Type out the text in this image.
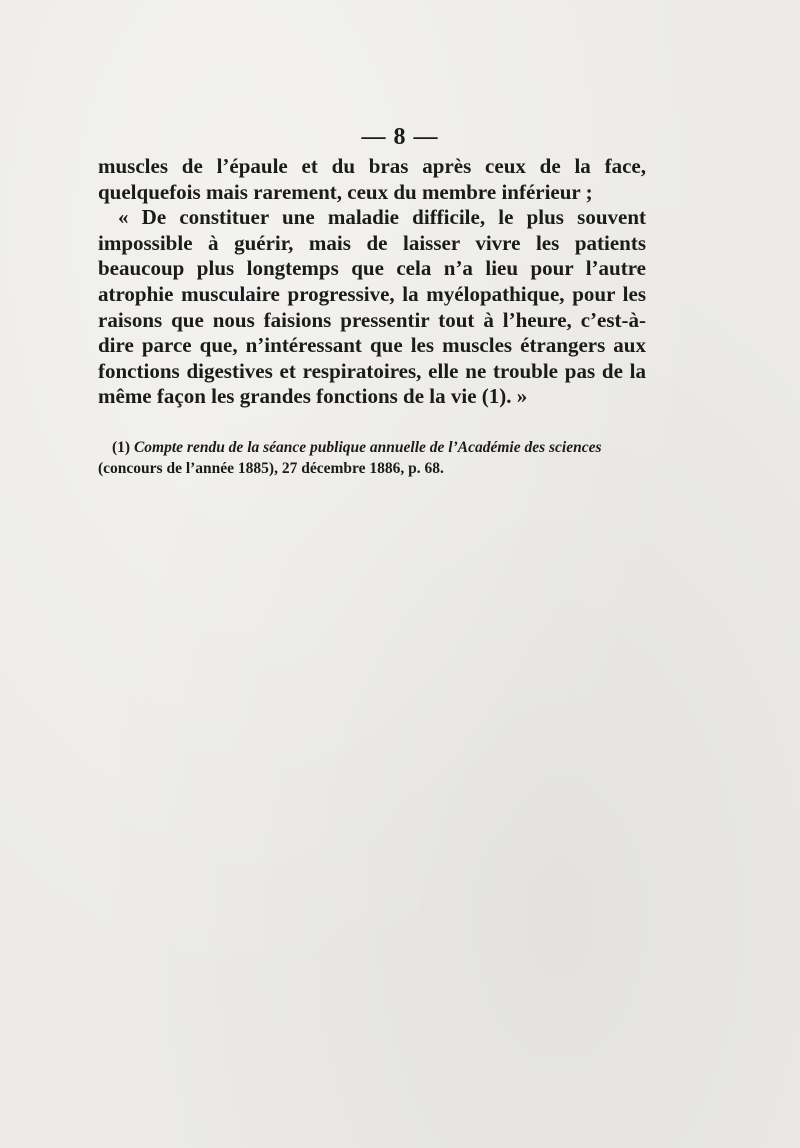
— 8 —

muscles de l’épaule et du bras après ceux de la face, quelquefois mais rarement, ceux du membre inférieur ;

« De constituer une maladie difficile, le plus souvent impossible à guérir, mais de laisser vivre les patients beaucoup plus longtemps que cela n’a lieu pour l’autre atrophie musculaire progressive, la myélopathique, pour les raisons que nous faisions pressentir tout à l’heure, c’est-à-dire parce que, n’intéressant que les muscles étrangers aux fonctions digestives et respiratoires, elle ne trouble pas de la même façon les grandes fonctions de la vie (1). »

(1) Compte rendu de la séance publique annuelle de l’Académie des sciences (concours de l’année 1885), 27 décembre 1886, p. 68.
